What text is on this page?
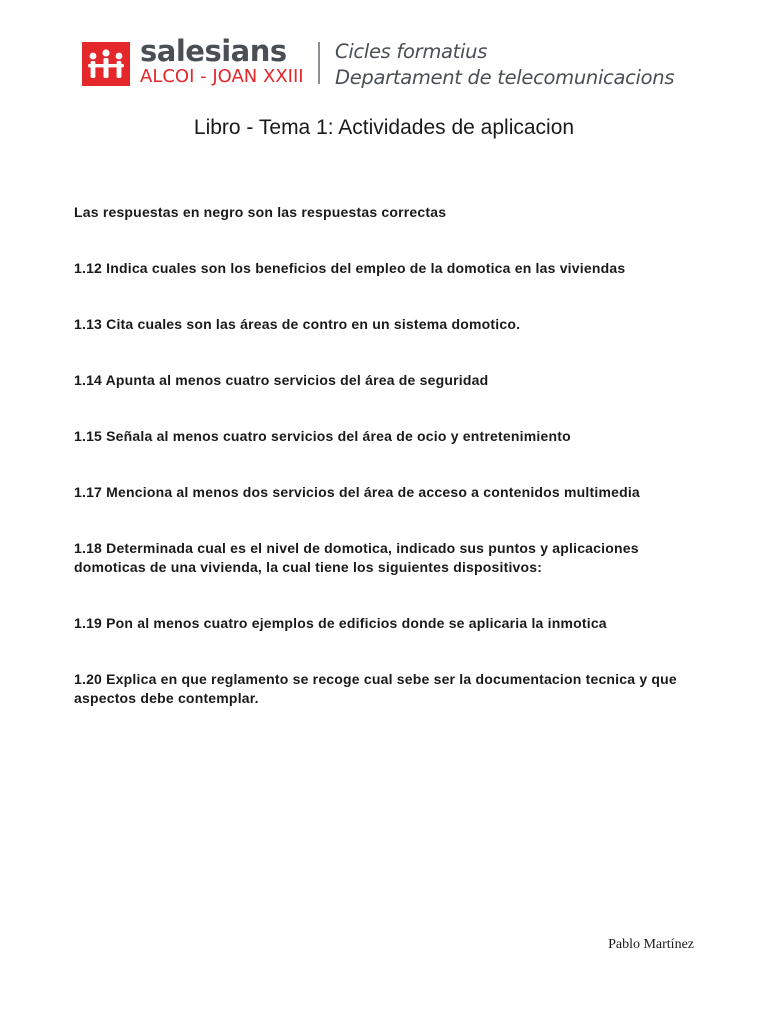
salesians
ALCOI - JOAN XXIII
Cicles formatius
Departament de telecomunicacions
Libro - Tema 1: Actividades de aplicacion

Las respuestas en negro son las respuestas correctas

1.12 Indica cuales son los beneficios del empleo de la domotica en las viviendas

1.13 Cita cuales son las áreas de contro en un sistema domotico.

1.14 Apunta al menos cuatro servicios del área de seguridad

1.15 Señala al menos cuatro servicios del área de ocio y entretenimiento

1.17 Menciona al menos dos servicios del área de acceso a contenidos multimedia

1.18 Determinada cual es el nivel de domotica, indicado sus puntos y aplicaciones domoticas de una vivienda, la cual tiene los siguientes dispositivos:

1.19 Pon al menos cuatro ejemplos de edificios donde se aplicaria la inmotica

1.20 Explica en que reglamento se recoge cual sebe ser la documentacion tecnica y que aspectos debe contemplar.

Pablo Martínez
